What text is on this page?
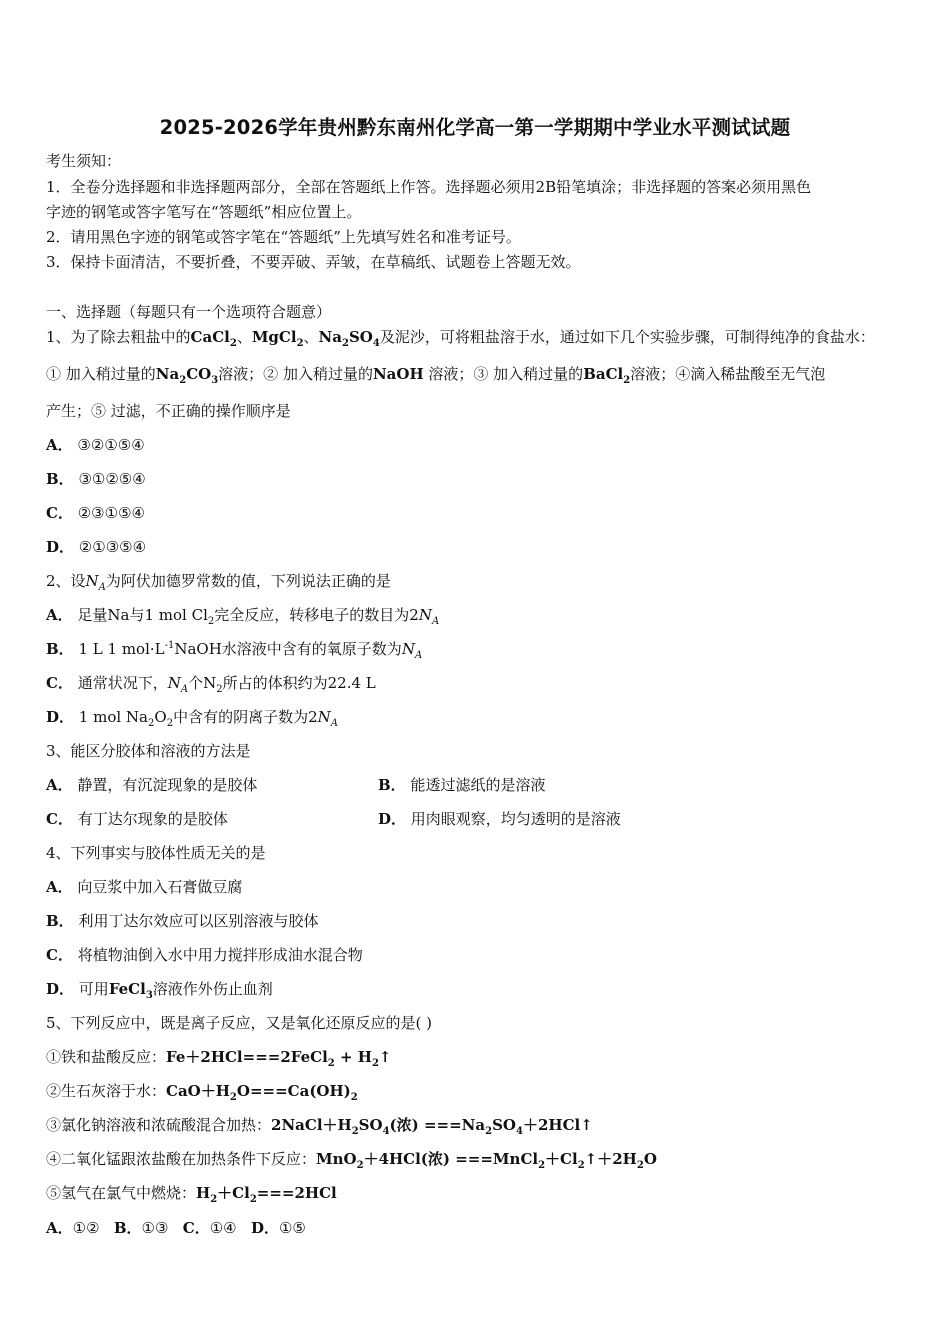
2025-2026学年贵州黔东南州化学高一第一学期期中学业水平测试试题
考生须知：
1．全卷分选择题和非选择题两部分，全部在答题纸上作答。选择题必须用2B铅笔填涂；非选择题的答案必须用黑色
字迹的钢笔或答字笔写在“答题纸”相应位置上。
2．请用黑色字迹的钢笔或答字笔在“答题纸”上先填写姓名和准考证号。
3．保持卡面清洁，不要折叠，不要弄破、弄皱，在草稿纸、试题卷上答题无效。
一、选择题（每题只有一个选项符合题意）
1、为了除去粗盐中的CaCl$_2$、MgCl$_2$、$Na_2SO_4$及泥沙，可将粗盐溶于水，通过如下几个实验步骤，可制得纯净的食盐水：
① 加入稍过量的$Na_2CO_3$溶液；② 加入稍过量的NaOH 溶液；③ 加入稍过量的BaCl$_2$溶液；④滴入稀盐酸至无气泡
产生；⑤ 过滤，不正确的操作顺序是
A． ③②①⑤④
B． ③①②⑤④
C． ②③①⑤④
D． ②①③⑤④
2、设$N_A$为阿伏加德罗常数的值，下列说法正确的是
A． 足量Na与1 mol $Cl_2$完全反应，转移电子的数目为$2N_A$
B． 1 L 1 $mol\cdot L^{-1}NaOH$水溶液中含有的氧原子数为$N_A$
C． 通常状况下，$N_A$个$N_2$所占的体积约为22.4 L
D． 1 mol $Na_2O_2$中含有的阴离子数为$2N_A$
3、能区分胶体和溶液的方法是
A． 静置，有沉淀现象的是胶体	B． 能透过滤纸的是溶液
C． 有丁达尔现象的是胶体	D． 用肉眼观察，均匀透明的是溶液
4、下列事实与胶体性质无关的是
A． 向豆浆中加入石膏做豆腐
B． 利用丁达尔效应可以区别溶液与胶体
C． 将植物油倒入水中用力搅拌形成油水混合物
D． 可用FeCl$_3$溶液作外伤止血剂
5、下列反应中，既是离子反应，又是氧化还原反应的是( )
①铁和盐酸反应：Fe＋2HCl===2FeCl$_2$ + $H_2↑$
②生石灰溶于水：$CaO+H_2O===Ca(OH)_2$
③氯化钠溶液和浓硫酸混合加热：$2NaCl+H_2SO_4$(浓) $===Na_2SO_4+2HCl↑$
④二氧化锰跟浓盐酸在加热条件下反应：MnO$_2$＋4HCl(浓) $===MnCl_2+Cl_2↑+2H_2O$
⑤氢气在氯气中燃烧：$H_2+Cl_2===2HCl$
A．①② B．①③ C．①④ D．①⑤
